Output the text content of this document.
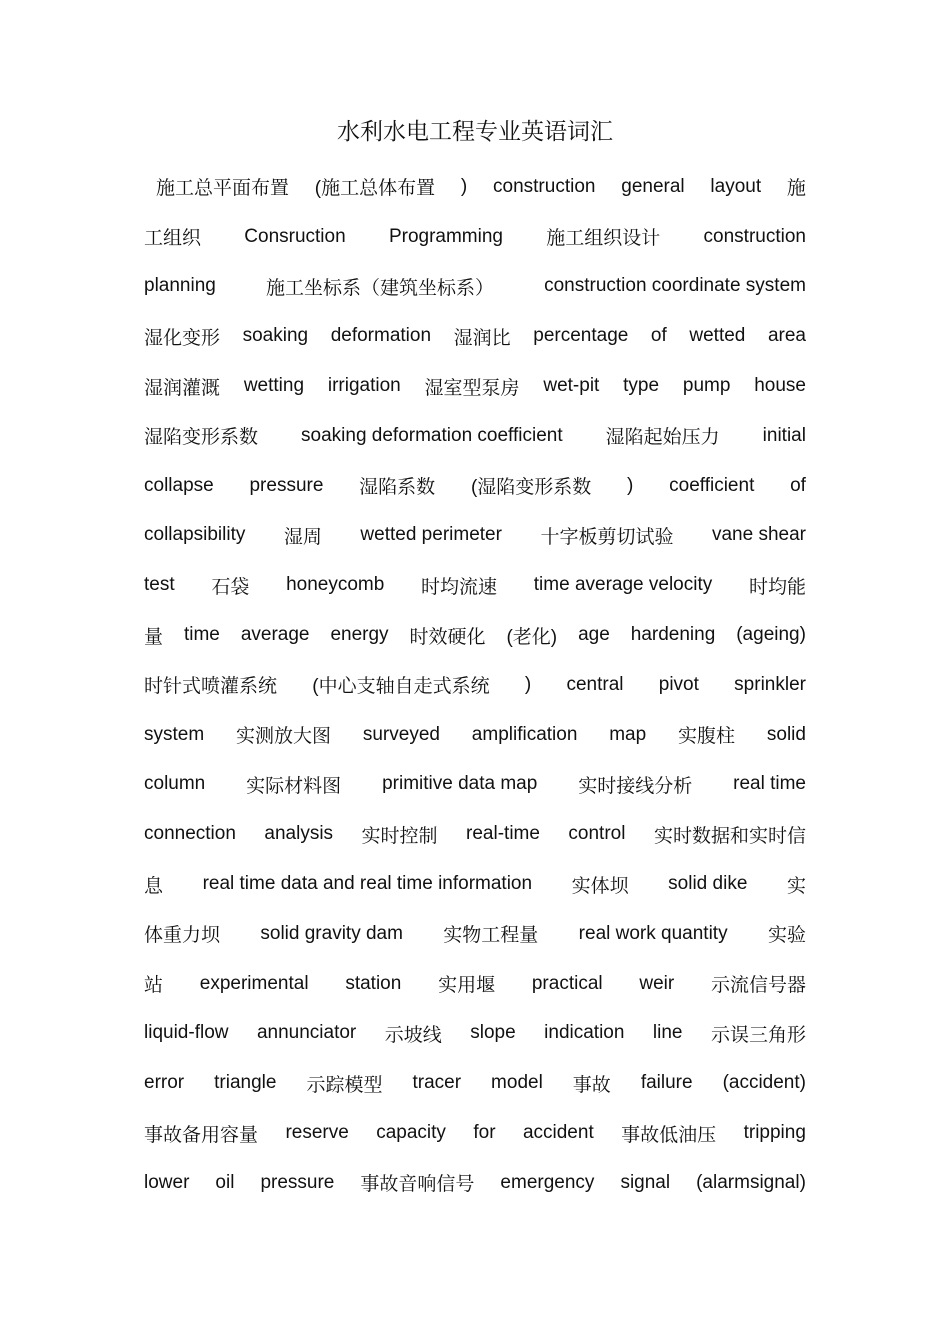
水利水电工程专业英语词汇
施工总平面布置 (施工总体布置 ) construction general layout 施
工组织 Consruction Programming 施工组织设计 construction
planning	施工坐标系（建筑坐标系）	construction coordinate system
湿化变形 soaking deformation 湿润比 percentage of wetted area
湿润灌溉 wetting irrigation 湿室型泵房 wet-pit type pump house
湿陷变形系数 soaking deformation coefficient 湿陷起始压力 initial
collapse pressure 湿陷系数 (湿陷变形系数 ) coefficient of
collapsibility 湿周 wetted perimeter 十字板剪切试验 vane shear
test 石袋 honeycomb 时均流速 time average velocity 时均能
量 time average energy 时效硬化 (老化) age hardening (ageing)
时针式喷灌系统 (中心支轴自走式系统 ) central pivot sprinkler
system 实测放大图 surveyed amplification map 实腹柱 solid
column 实际材料图 primitive data map 实时接线分析 real time
connection analysis 实时控制 real-time control 实时数据和实时信
息 real time data and real time information 实体坝 solid dike 实
体重力坝 solid gravity dam 实物工程量 real work quantity 实验
站 experimental station 实用堰 practical weir 示流信号器
liquid-flow annunciator 示坡线 slope indication line 示误三角形
error triangle 示踪模型 tracer model 事故 failure (accident)
事故备用容量 reserve capacity for accident 事故低油压 tripping
lower oil pressure 事故音响信号 emergency signal (alarmsignal)
